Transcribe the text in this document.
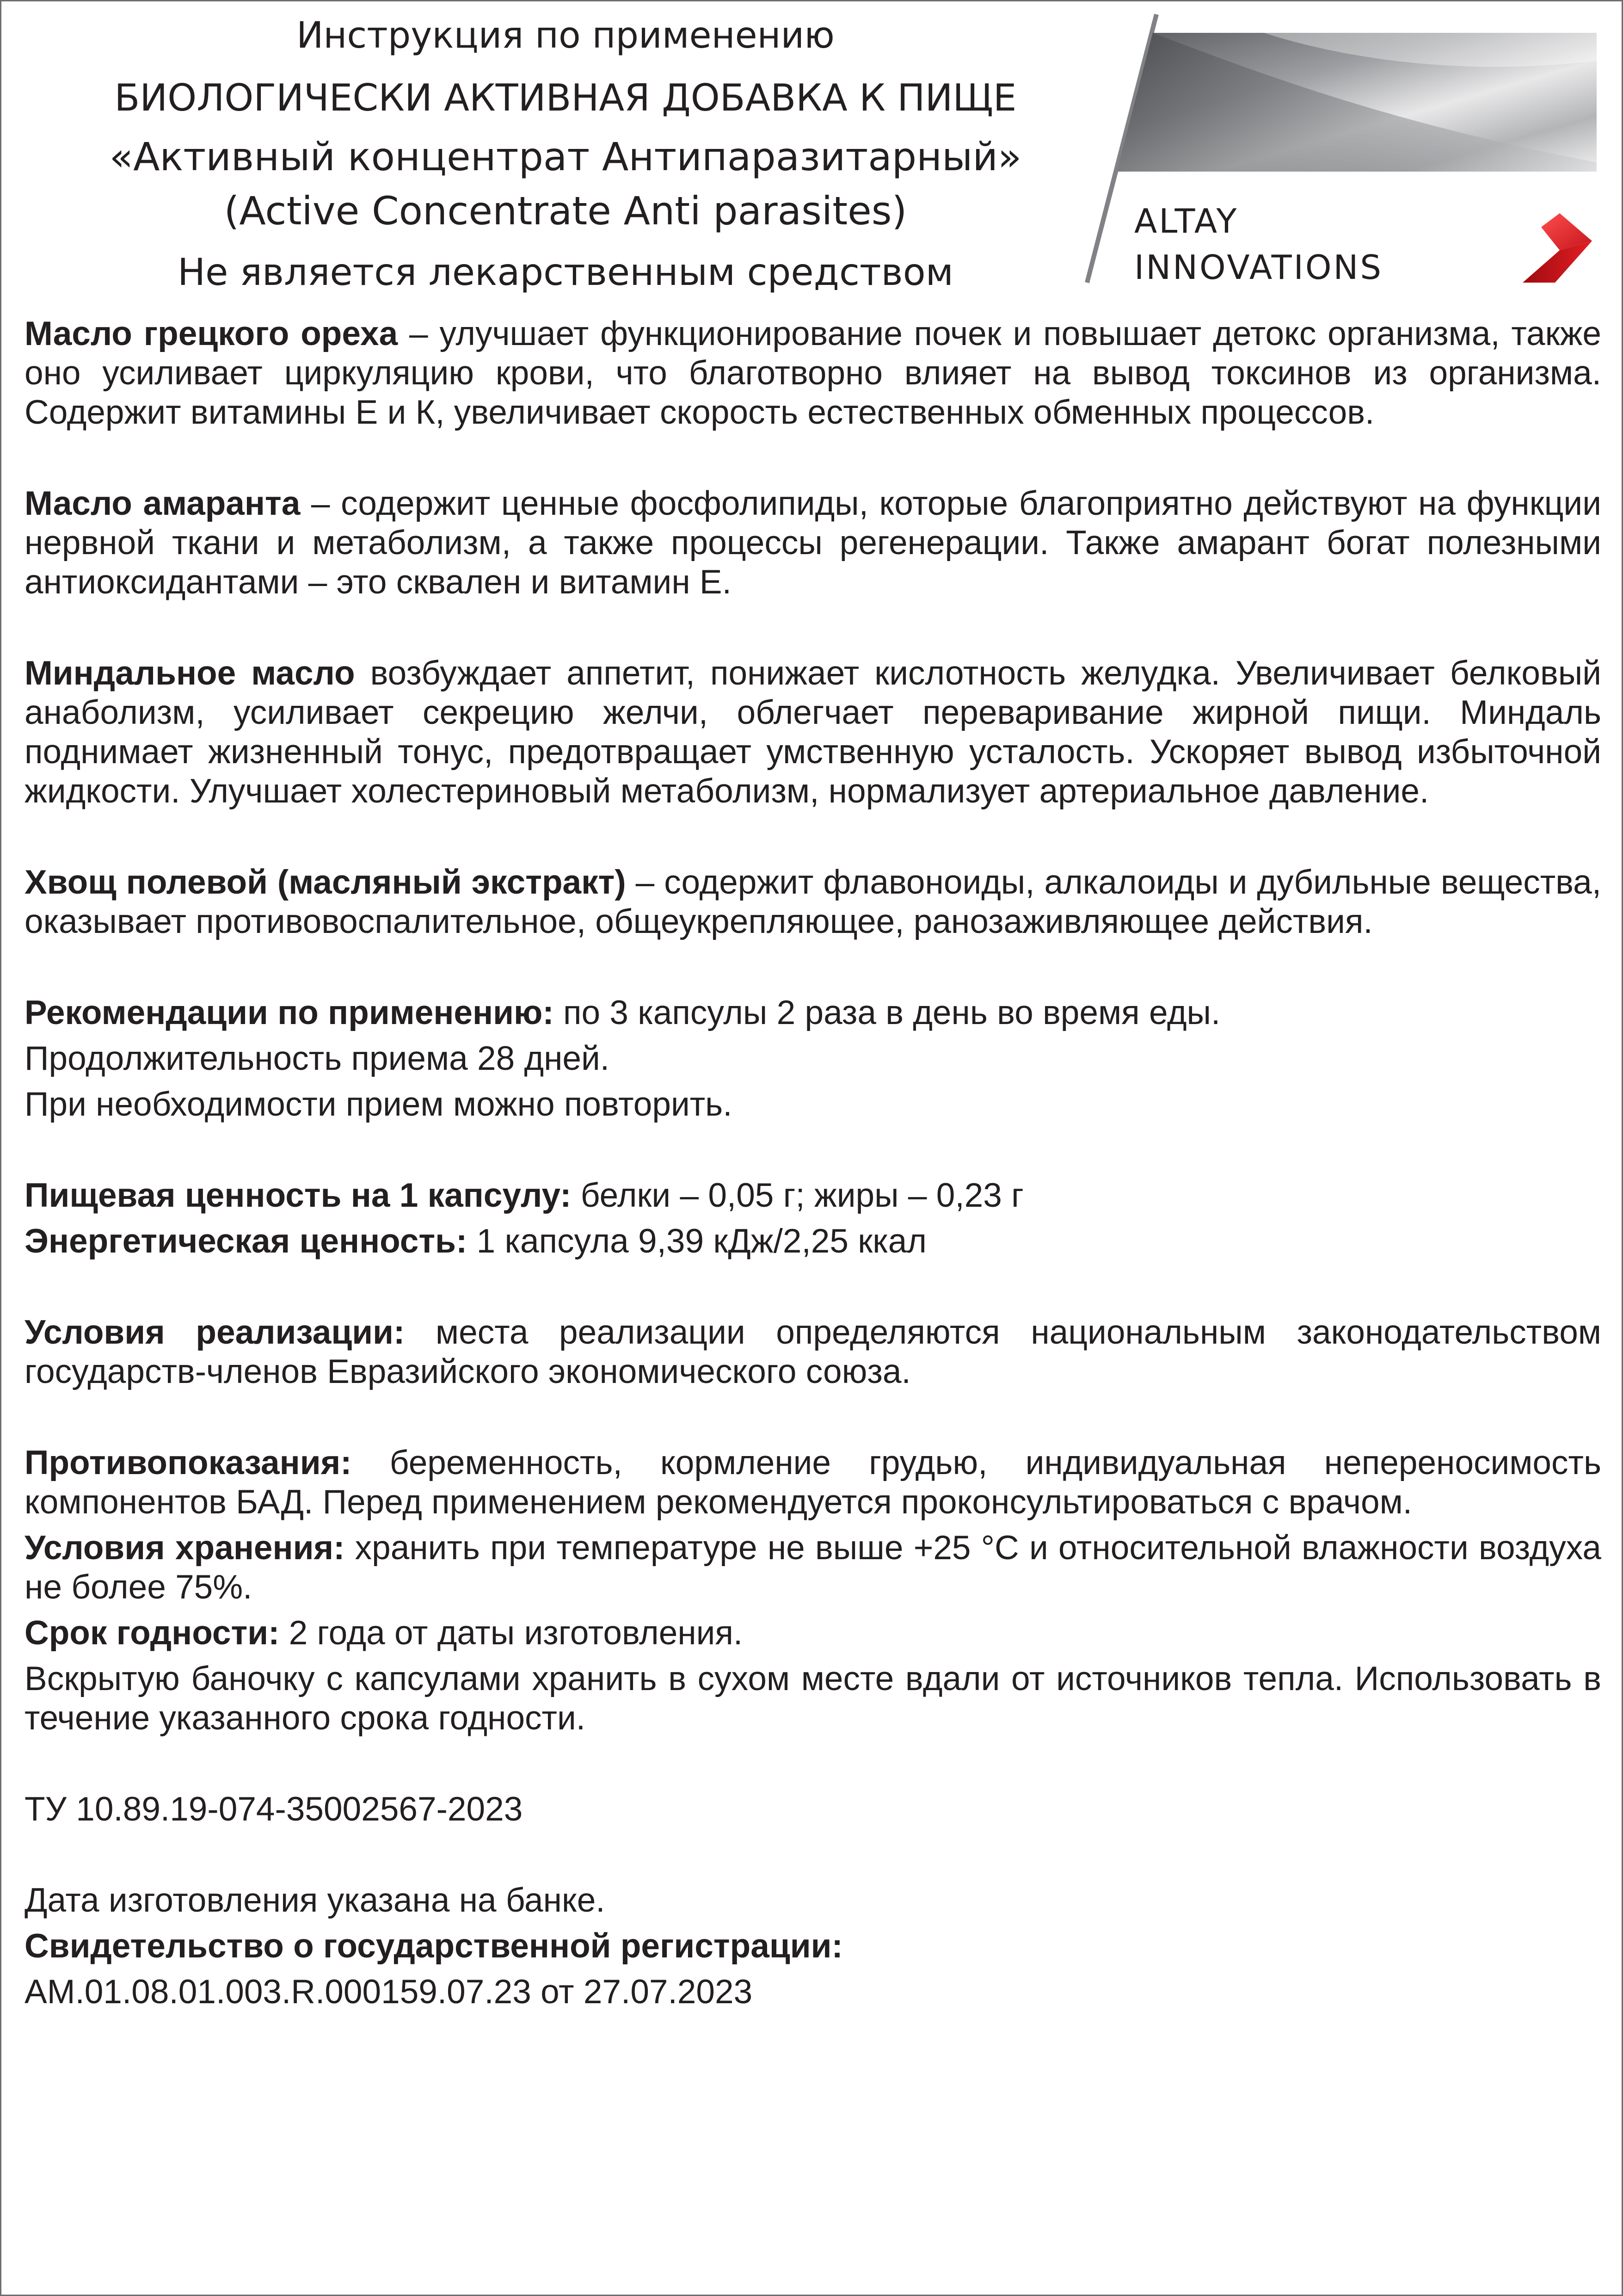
Инструкция по применению
БИОЛОГИЧЕСКИ АКТИВНАЯ ДОБАВКА К ПИЩЕ
«Активный концентрат Антипаразитарный»
(Active Concentrate Anti parasites)
Не является лекарственным средством
ALTAY
INNOVATIONS

Масло грецкого ореха – улучшает функционирование почек и повышает детокс организма, также оно усиливает циркуляцию крови, что благотворно влияет на вывод токсинов из организма. Содержит витамины Е и К, увеличивает скорость естественных обменных процессов.

Масло амаранта – содержит ценные фосфолипиды, которые благоприятно действуют на функции нервной ткани и метаболизм, а также процессы регенерации. Также амарант богат полезными антиоксидантами – это сквален и витамин Е.

Миндальное масло возбуждает аппетит, понижает кислотность желудка. Увеличивает белковый анаболизм, усиливает секрецию желчи, облегчает переваривание жирной пищи. Миндаль поднимает жизненный тонус, предотвращает умственную усталость. Ускоряет вывод избыточной жидкости. Улучшает холестериновый метаболизм, нормализует артериальное давление.

Хвощ полевой (масляный экстракт) – содержит флавоноиды, алкалоиды и дубильные вещества, оказывает противовоспалительное, общеукрепляющее, ранозаживляющее действия.

Рекомендации по применению: по 3 капсулы 2 раза в день во время еды.

Продолжительность приема 28 дней.

При необходимости прием можно повторить.

Пищевая ценность на 1 капсулу: белки – 0,05 г; жиры – 0,23 г

Энергетическая ценность: 1 капсула 9,39 кДж/2,25 ккал

Условия реализации: места реализации определяются национальным законодательством государств-членов Евразийского экономического союза.

Противопоказания: беременность, кормление грудью, индивидуальная непереносимость компонентов БАД. Перед применением рекомендуется проконсультироваться с врачом.

Условия хранения: хранить при температуре не выше +25 °С и относительной влажности воздуха не более 75%.

Срок годности: 2 года от даты изготовления.

Вскрытую баночку с капсулами хранить в сухом месте вдали от источников тепла. Использовать в течение указанного срока годности.

ТУ 10.89.19-074-35002567-2023

Дата изготовления указана на банке.

Свидетельство о государственной регистрации:

АМ.01.08.01.003.R.000159.07.23 от 27.07.2023
